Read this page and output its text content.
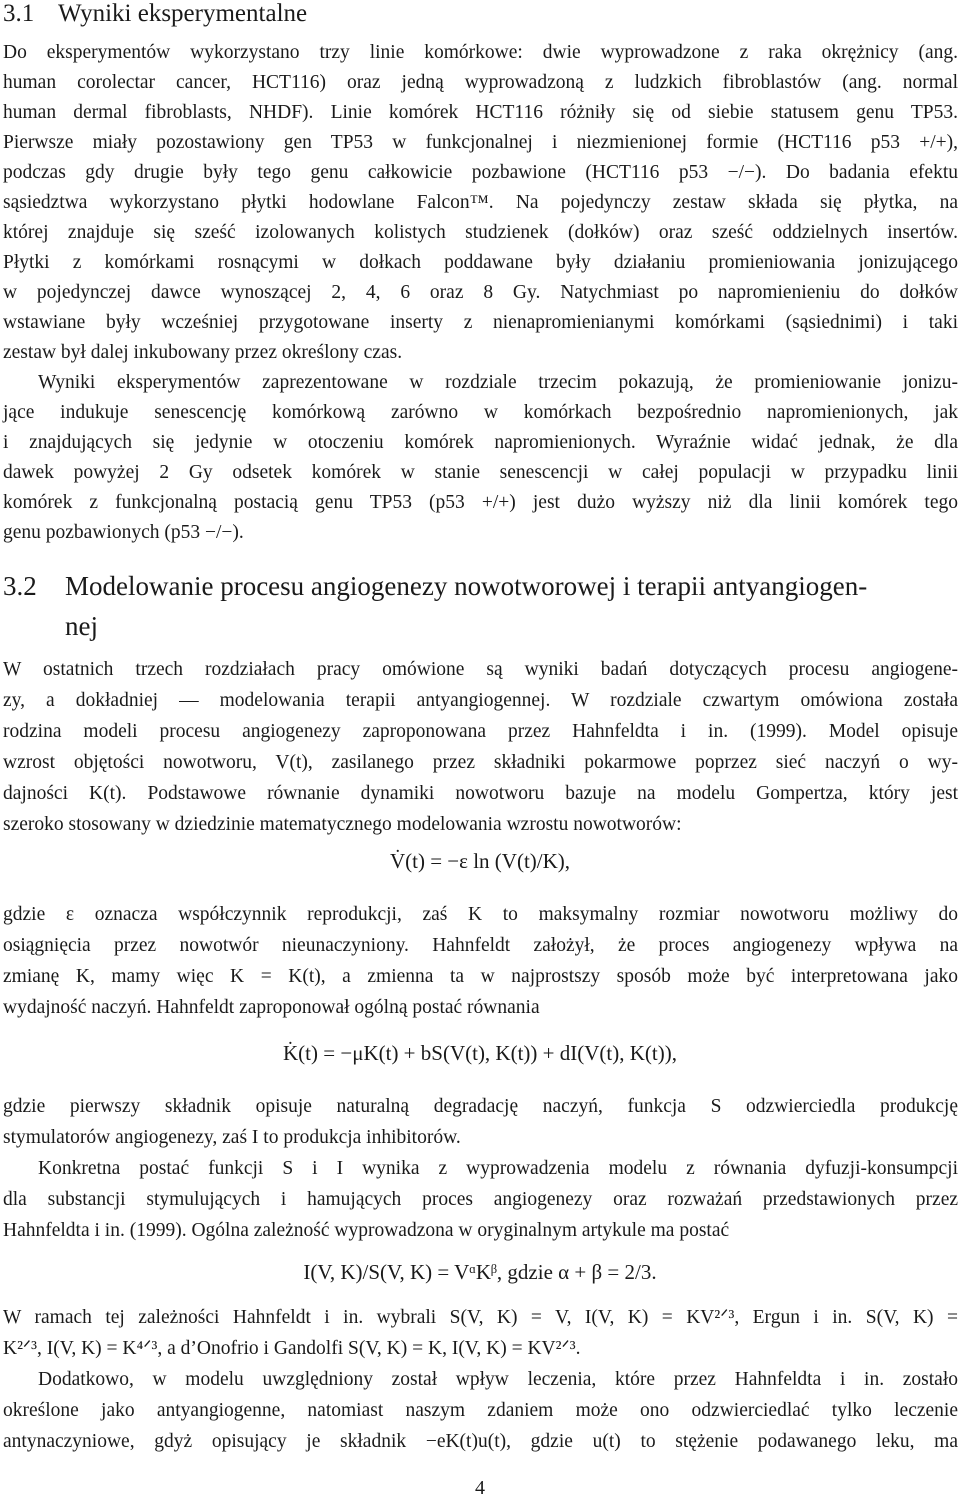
3.1 Wyniki eksperymentalne
Do eksperymentów wykorzystano trzy linie komórkowe: dwie wyprowadzone z raka okrężnicy (ang.
human corolectar cancer, HCT116) oraz jedną wyprowadzoną z ludzkich fibroblastów (ang. normal
human dermal fibroblasts, NHDF). Linie komórek HCT116 różniły się od siebie statusem genu TP53.
Pierwsze miały pozostawiony gen TP53 w funkcjonalnej i niezmienionej formie (HCT116 p53 +/+),
podczas gdy drugie były tego genu całkowicie pozbawione (HCT116 p53 −/−). Do badania efektu
sąsiedztwa wykorzystano płytki hodowlane Falcon™. Na pojedynczy zestaw składa się płytka, na
której znajduje się sześć izolowanych kolistych studzienek (dołków) oraz sześć oddzielnych insertów.
Płytki z komórkami rosnącymi w dołkach poddawane były działaniu promieniowania jonizującego
w pojedynczej dawce wynoszącej 2, 4, 6 oraz 8 Gy. Natychmiast po napromienieniu do dołków
wstawiane były wcześniej przygotowane inserty z nienapromienianymi komórkami (sąsiednimi) i taki
zestaw był dalej inkubowany przez określony czas.
Wyniki eksperymentów zaprezentowane w rozdziale trzecim pokazują, że promieniowanie jonizu-
jące indukuje senescencję komórkową zarówno w komórkach bezpośrednio napromienionych, jak
i znajdujących się jedynie w otoczeniu komórek napromienionych. Wyraźnie widać jednak, że dla
dawek powyżej 2 Gy odsetek komórek w stanie senescencji w całej populacji w przypadku linii
komórek z funkcjonalną postacią genu TP53 (p53 +/+) jest dużo wyższy niż dla linii komórek tego
genu pozbawionych (p53 −/−).
3.2 Modelowanie procesu angiogenezy nowotworowej i terapii antyangiogen-
nej
W ostatnich trzech rozdziałach pracy omówione są wyniki badań dotyczących procesu angiogene-
zy, a dokładniej — modelowania terapii antyangiogennej. W rozdziale czwartym omówiona została
rodzina modeli procesu angiogenezy zaproponowana przez Hahnfeldta i in. (1999). Model opisuje
wzrost objętości nowotworu, V(t), zasilanego przez składniki pokarmowe poprzez sieć naczyń o wy-
dajności K(t). Podstawowe równanie dynamiki nowotworu bazuje na modelu Gompertza, który jest
szeroko stosowany w dziedzinie matematycznego modelowania wzrostu nowotworów:
V̇(t) = −ε ln (V(t)/K),
gdzie ε oznacza współczynnik reprodukcji, zaś K to maksymalny rozmiar nowotworu możliwy do
osiągnięcia przez nowotwór nieunaczyniony. Hahnfeldt założył, że proces angiogenezy wpływa na
zmianę K, mamy więc K = K(t), a zmienna ta w najprostszy sposób może być interpretowana jako
wydajność naczyń. Hahnfeldt zaproponował ogólną postać równania
K̇(t) = −μK(t) + bS(V(t), K(t)) + dI(V(t), K(t)),
gdzie pierwszy składnik opisuje naturalną degradację naczyń, funkcja S odzwierciedla produkcję
stymulatorów angiogenezy, zaś I to produkcja inhibitorów.
Konkretna postać funkcji S i I wynika z wyprowadzenia modelu z równania dyfuzji-konsumpcji
dla substancji stymulujących i hamujących proces angiogenezy oraz rozważań przedstawionych przez
Hahnfeldta i in. (1999). Ogólna zależność wyprowadzona w oryginalnym artykule ma postać
I(V, K)/S(V, K) = VᵅKᵝ, gdzie α + β = 2/3.
W ramach tej zależności Hahnfeldt i in. wybrali S(V, K) = V, I(V, K) = KV²ᐟ³, Ergun i in. S(V, K) =
K²ᐟ³, I(V, K) = K⁴ᐟ³, a d’Onofrio i Gandolfi S(V, K) = K, I(V, K) = KV²ᐟ³.
Dodatkowo, w modelu uwzględniony został wpływ leczenia, które przez Hahnfeldta i in. zostało
określone jako antyangiogenne, natomiast naszym zdaniem może ono odzwierciedlać tylko leczenie
antynaczyniowe, gdyż opisujący je składnik −eK(t)u(t), gdzie u(t) to stężenie podawanego leku, ma
4
